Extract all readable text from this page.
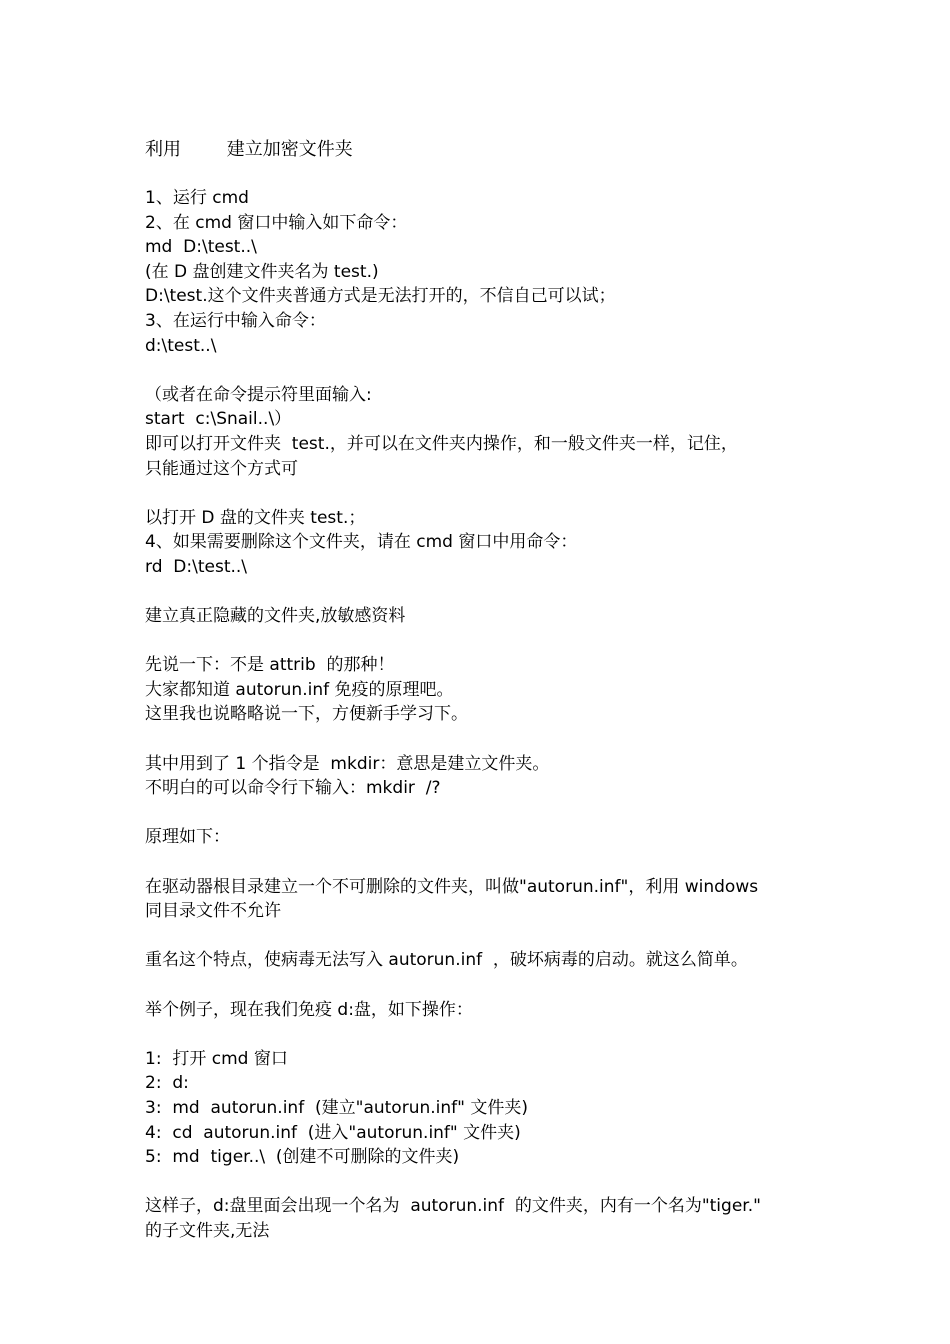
利用        建立加密文件夹
1、运行 cmd
2、在 cmd 窗口中输入如下命令：
md  D:\test..\
(在 D 盘创建文件夹名为 test.)
D:\test.这个文件夹普通方式是无法打开的，不信自己可以试；
3、在运行中输入命令：
d:\test..\
（或者在命令提示符里面输入:
start  c:\Snail..\）
即可以打开文件夹  test.，并可以在文件夹内操作，和一般文件夹一样，记住，
只能通过这个方式可
以打开 D 盘的文件夹 test.；
4、如果需要删除这个文件夹，请在 cmd 窗口中用命令：
rd  D:\test..\
建立真正隐藏的文件夹,放敏感资料
先说一下：不是 attrib  的那种！
大家都知道 autorun.inf 免疫的原理吧。
这里我也说略略说一下，方便新手学习下。
其中用到了 1 个指令是  mkdir：意思是建立文件夹。
不明白的可以命令行下输入：mkdir  /?
原理如下：
在驱动器根目录建立一个不可删除的文件夹，叫做"autorun.inf"，利用 windows
同目录文件不允许
重名这个特点，使病毒无法写入 autorun.inf  ，破坏病毒的启动。就这么简单。
举个例子，现在我们免疫 d:盘，如下操作：
1:  打开 cmd 窗口
2:  d:
3:  md  autorun.inf  (建立"autorun.inf" 文件夹)
4:  cd  autorun.inf  (进入"autorun.inf" 文件夹)
5:  md  tiger..\  (创建不可删除的文件夹)
这样子，d:盘里面会出现一个名为  autorun.inf  的文件夹，内有一个名为"tiger."
的子文件夹,无法
